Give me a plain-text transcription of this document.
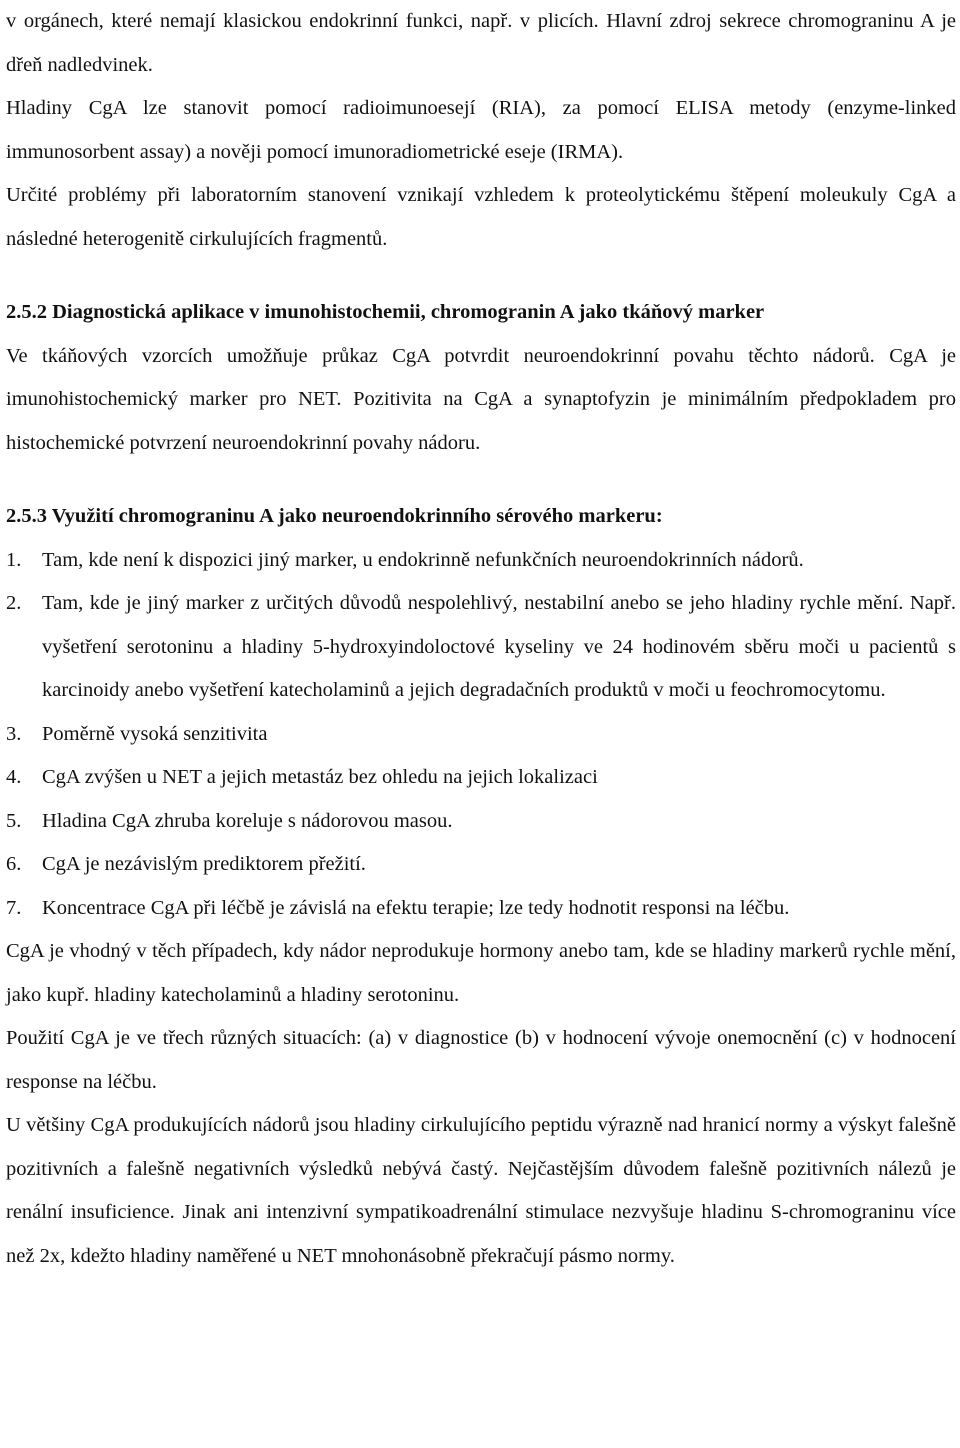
v orgánech, které nemají klasickou endokrinní funkci, např. v plicích. Hlavní zdroj sekrece chromograninu A je dřeň nadledvinek.

Hladiny CgA lze stanovit pomocí radioimunoesejí (RIA), za pomocí ELISA metody (enzyme-linked immunosorbent assay) a nověji pomocí imunoradiometrické eseje (IRMA).

Určité problémy při laboratorním stanovení vznikají vzhledem k proteolytickému štěpení moleukuly CgA a následné heterogenitě cirkulujících fragmentů.

2.5.2 Diagnostická aplikace v imunohistochemii, chromogranin A jako tkáňový marker

Ve tkáňových vzorcích umožňuje průkaz CgA potvrdit neuroendokrinní povahu těchto nádorů. CgA je imunohistochemický marker pro NET. Pozitivita na CgA a synaptofyzin je minimálním předpokladem pro histochemické potvrzení neuroendokrinní povahy nádoru.

2.5.3 Využití chromograninu A jako neuroendokrinního sérového markeru:
1. Tam, kde není k dispozici jiný marker, u endokrinně nefunkčních neuroendokrinních nádorů.
2. Tam, kde je jiný marker z určitých důvodů nespolehlivý, nestabilní anebo se jeho hladiny rychle mění. Např. vyšetření serotoninu a hladiny 5-hydroxyindoloctové kyseliny ve 24 hodinovém sběru moči u pacientů s karcinoidy anebo vyšetření katecholaminů a jejich degradačních produktů v moči u feochromocytomu.
3. Poměrně vysoká senzitivita
4. CgA zvýšen u NET a jejich metastáz bez ohledu na jejich lokalizaci
5. Hladina CgA zhruba koreluje s nádorovou masou.
6. CgA je nezávislým prediktorem přežití.
7. Koncentrace CgA při léčbě je závislá na efektu terapie; lze tedy hodnotit responsi na léčbu.

CgA je vhodný v těch případech, kdy nádor neprodukuje hormony anebo tam, kde se hladiny markerů rychle mění, jako kupř. hladiny katecholaminů a hladiny serotoninu.

Použití CgA je ve třech různých situacích: (a) v diagnostice (b) v hodnocení vývoje onemocnění (c) v hodnocení response na léčbu.

U většiny CgA produkujících nádorů jsou hladiny cirkulujícího peptidu výrazně nad hranicí normy a výskyt falešně pozitivních a falešně negativních výsledků nebývá častý. Nejčastějším důvodem falešně pozitivních nálezů je renální insuficience. Jinak ani intenzivní sympatikoadrenální stimulace nezvyšuje hladinu S-chromograninu více než 2x, kdežto hladiny naměřené u NET mnohonásobně překračují pásmo normy.
